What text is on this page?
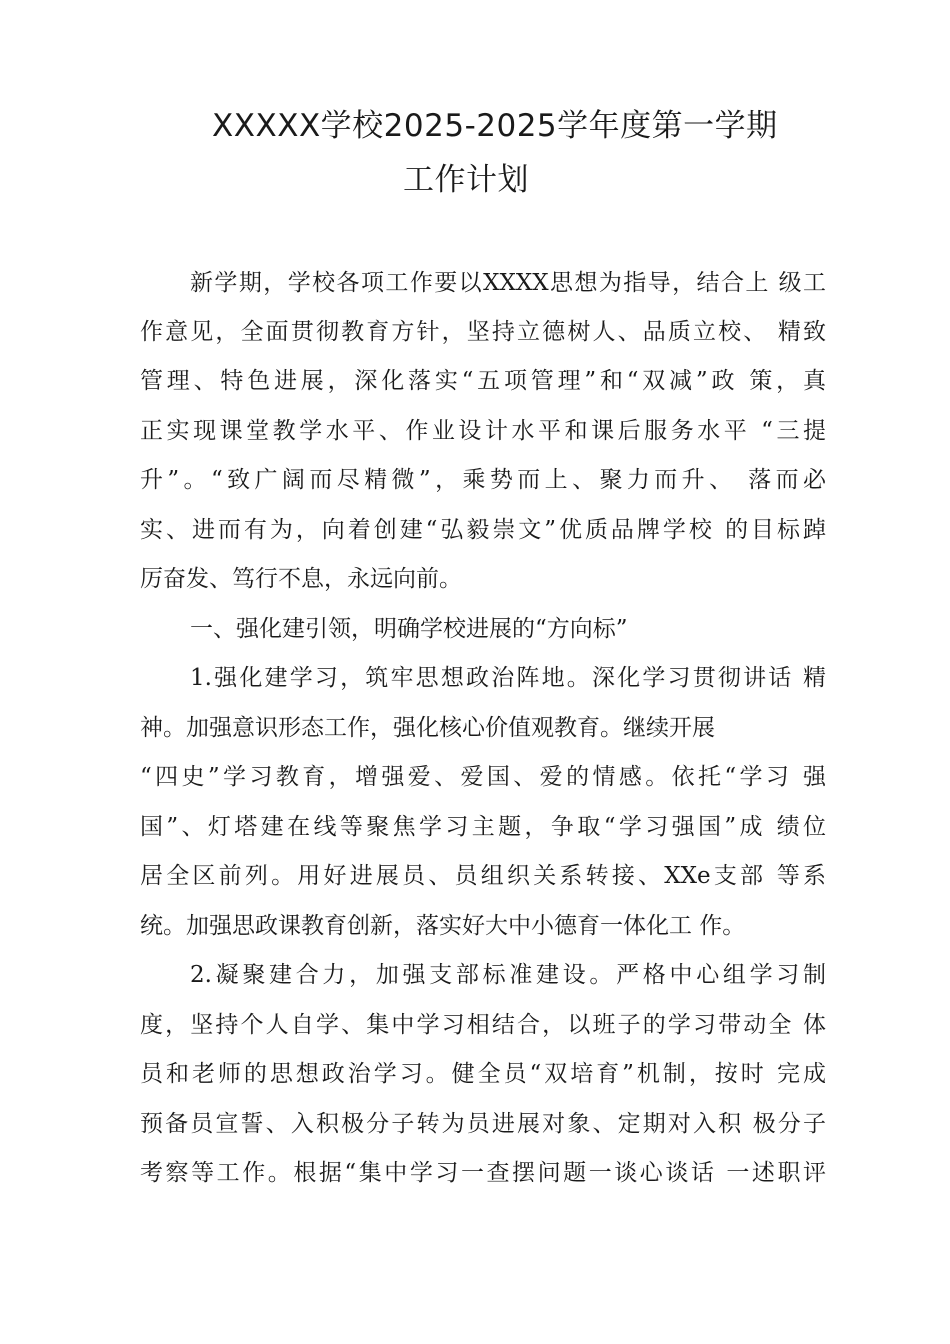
XXXXX学校2025-2025学年度第一学期
工作计划
新学期，学校各项工作要以XXXX思想为指导，结合上 级工
作意见，全面贯彻教育方针，坚持立德树人、品质立校、 精致
管理、特色进展，深化落实“五项管理”和“双减”政 策，真
正实现课堂教学水平、作业设计水平和课后服务水平 “三提
升”。“致广阔而尽精微”，乘势而上、聚力而升、 落而必
实、进而有为，向着创建“弘毅崇文”优质品牌学校 的目标踔
厉奋发、笃行不息，永远向前。
一、强化建引领，明确学校进展的“方向标”
1.强化建学习，筑牢思想政治阵地。深化学习贯彻讲话 精
神。加强意识形态工作，强化核心价值观教育。继续开展
“四史”学习教育，增强爱、爱国、爱的情感。依托“学习 强
国”、灯塔建在线等聚焦学习主题，争取“学习强国”成 绩位
居全区前列。用好进展员、员组织关系转接、XXe支部 等系
统。加强思政课教育创新，落实好大中小德育一体化工 作。
2.凝聚建合力，加强支部标准建设。严格中心组学习制
度，坚持个人自学、集中学习相结合，以班子的学习带动全 体
员和老师的思想政治学习。健全员“双培育”机制，按时 完成
预备员宣誓、入积极分子转为员进展对象、定期对入积 极分子
考察等工作。根据“集中学习一查摆问题一谈心谈话 一述职评
